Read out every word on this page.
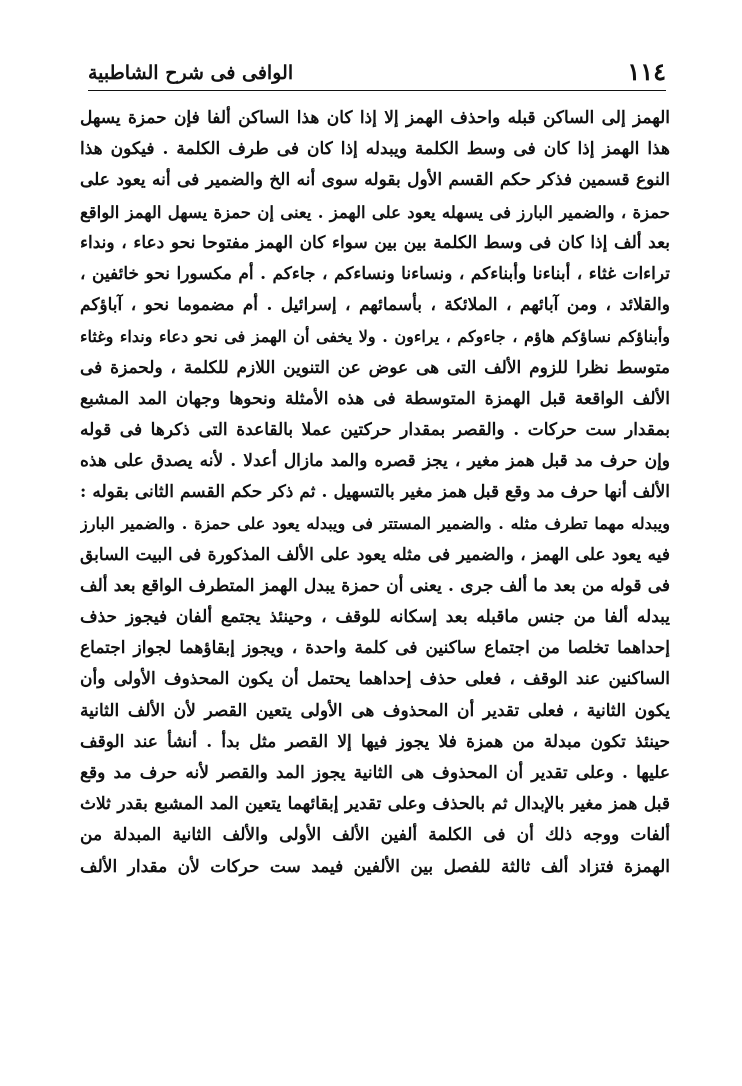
الوافى فى شرح الشاطبية	١١٤
الهمز إلى الساكن قبله واحذف الهمز إلا إذا كان هذا الساكن ألفا فإن حمزة يسهل
هذا الهمز إذا كان فى وسط الكلمة ويبدله إذا كان فى طرف الكلمة . فيكون هذا
النوع قسمين فذكر حكم القسم الأول بقوله سوى أنه الخ والضمير فى أنه يعود على
حمزة ، والضمير البارز فى يسهله يعود على الهمز . يعنى إن حمزة يسهل الهمز الواقع
بعد ألف إذا كان فى وسط الكلمة بين بين سواء كان الهمز مفتوحا نحو دعاء ، ونداء
تراءات غثاء ، أبناءنا وأبناءكم ، ونساءنا ونساءكم ، جاءكم . أم مكسورا نحو خائفين ،
والقلائد ، ومن آبائهم ، الملائكة ، بأسمائهم ، إسرائيل . أم مضموما نحو ، آباؤكم
وأبناؤكم نساؤكم هاؤم ، جاءوكم ، يراءون . ولا يخفى أن الهمز فى نحو دعاء ونداء وغثاء
متوسط نظرا للزوم الألف التى هى عوض عن التنوين اللازم للكلمة ، ولحمزة فى
الألف الواقعة قبل الهمزة المتوسطة فى هذه الأمثلة ونحوها وجهان المد المشبع
بمقدار ست حركات . والقصر بمقدار حركتين عملا بالقاعدة التى ذكرها فى قوله
وإن حرف مد قبل همز مغير ، يجز قصره والمد مازال أعدلا . لأنه يصدق على هذه
الألف أنها حرف مد وقع قبل همز مغير بالتسهيل . ثم ذكر حكم القسم الثانى بقوله :
ويبدله مهما تطرف مثله . والضمير المستتر فى ويبدله يعود على حمزة . والضمير البارز
فيه يعود على الهمز ، والضمير فى مثله يعود على الألف المذكورة فى البيت السابق
فى قوله من بعد ما ألف جرى . يعنى أن حمزة يبدل الهمز المتطرف الواقع بعد ألف
يبدله ألفا من جنس ماقبله بعد إسكانه للوقف ، وحينئذ يجتمع ألفان فيجوز حذف
إحداهما تخلصا من اجتماع ساكنين فى كلمة واحدة ، ويجوز إبقاؤهما لجواز اجتماع
الساكنين عند الوقف ، فعلى حذف إحداهما يحتمل أن يكون المحذوف الأولى وأن
يكون الثانية ، فعلى تقدير أن المحذوف هى الأولى يتعين القصر لأن الألف الثانية
حينئذ تكون مبدلة من همزة فلا يجوز فيها إلا القصر مثل بدأ . أنشأ عند الوقف
عليها . وعلى تقدير أن المحذوف هى الثانية يجوز المد والقصر لأنه حرف مد وقع
قبل همز مغير بالإبدال ثم بالحذف وعلى تقدير إبقائهما يتعين المد المشبع بقدر ثلاث
ألفات ووجه ذلك أن فى الكلمة ألفين الألف الأولى والألف الثانية المبدلة من
الهمزة فتزاد ألف ثالثة للفصل بين الألفين فيمد ست حركات لأن مقدار الألف
